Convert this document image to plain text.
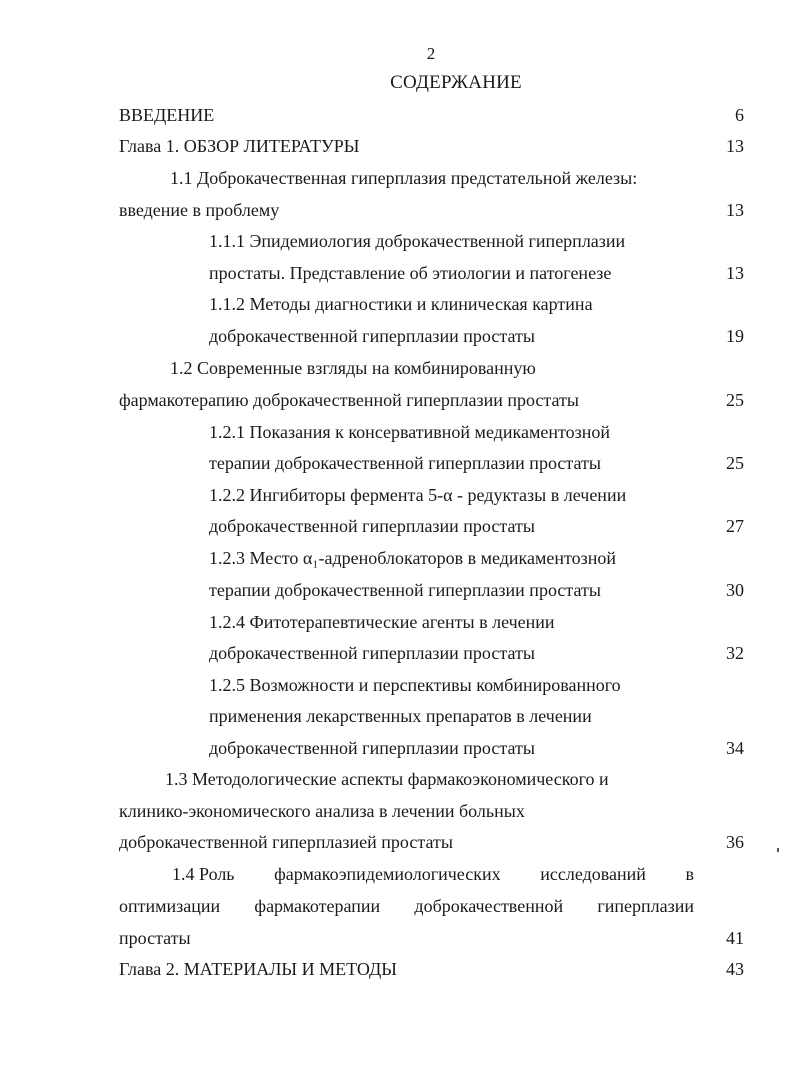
2
СОДЕРЖАНИЕ
ВВЕДЕНИЕ	6
Глава 1. ОБЗОР ЛИТЕРАТУРЫ	13
1.1 Доброкачественная гиперплазия предстательной железы:
введение в проблему	13
1.1.1 Эпидемиология доброкачественной гиперплазии
простаты. Представление об этиологии и патогенезе	13
1.1.2 Методы диагностики и клиническая картина
доброкачественной гиперплазии простаты	19
1.2 Современные взгляды на комбинированную
фармакотерапию доброкачественной гиперплазии простаты	25
1.2.1 Показания к консервативной медикаментозной
терапии доброкачественной гиперплазии простаты	25
1.2.2 Ингибиторы фермента 5-α - редуктазы в лечении
доброкачественной гиперплазии простаты	27
1.2.3 Место α₁-адреноблокаторов в медикаментозной
терапии доброкачественной гиперплазии простаты	30
1.2.4 Фитотерапевтические агенты в лечении
доброкачественной гиперплазии простаты	32
1.2.5 Возможности и перспективы комбинированного
применения лекарственных препаратов в лечении
доброкачественной гиперплазии простаты	34
1.3 Методологические аспекты фармакоэкономического и
клинико-экономического анализа в лечении больных
доброкачественной гиперплазией простаты	36
1.4 Роль фармакоэпидемиологических исследований в
оптимизации фармакотерапии доброкачественной гиперплазии
простаты	41
Глава 2. МАТЕРИАЛЫ И МЕТОДЫ	43
